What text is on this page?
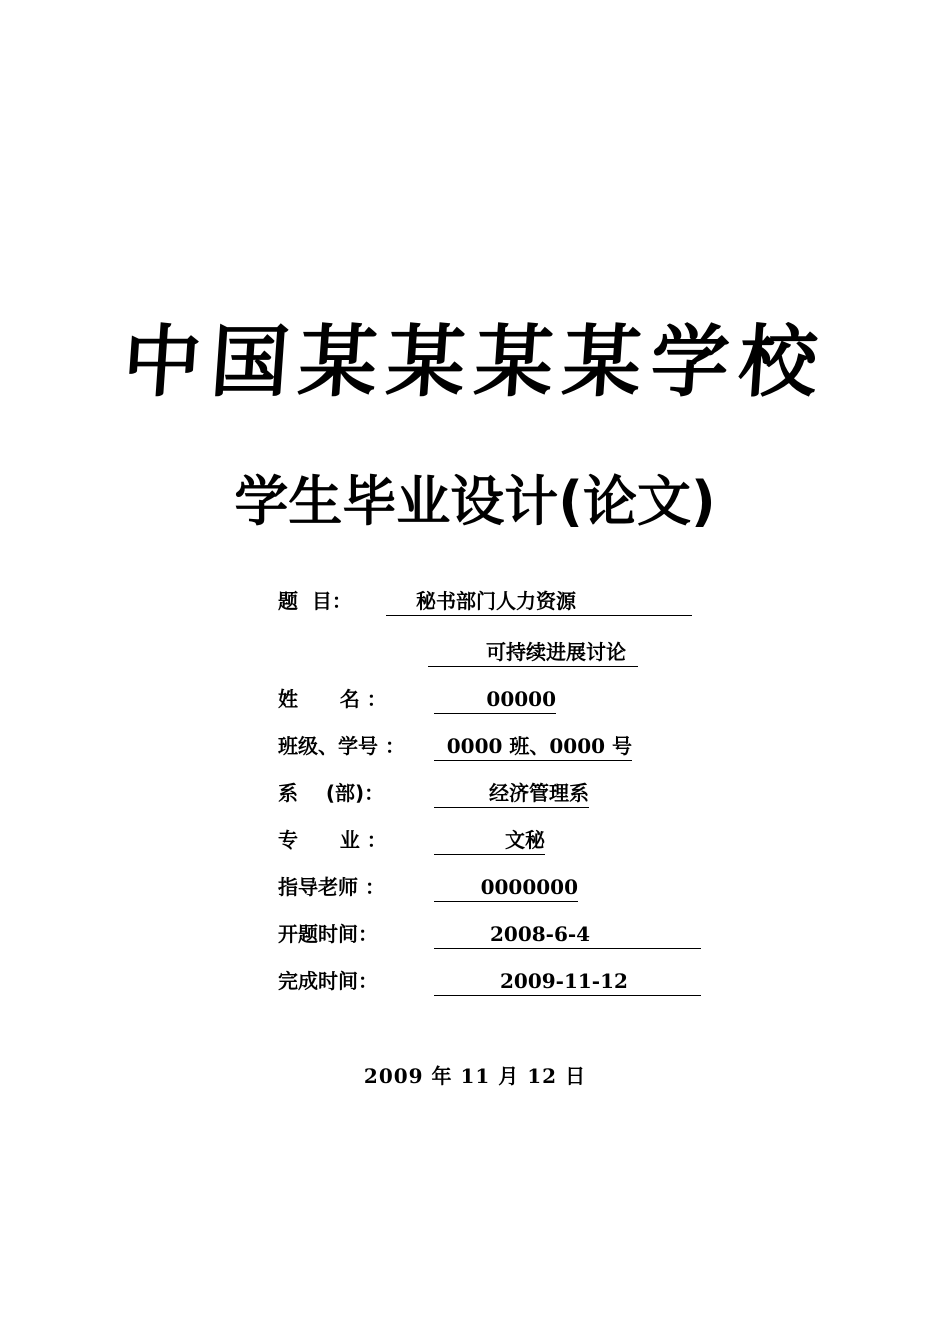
中国某某某某学校
学生毕业设计(论文)
题  目：	秘书部门人力资源
可持续进展讨论
姓      名 ：	00000
班级、学号 ：	0000 班、0000 号
系    (部)：	经济管理系
专      业 ：	文秘
指导老师 ：	0000000
开题时间：	2008-6-4
完成时间：	2009-11-12
2009 年 11 月 12 日
